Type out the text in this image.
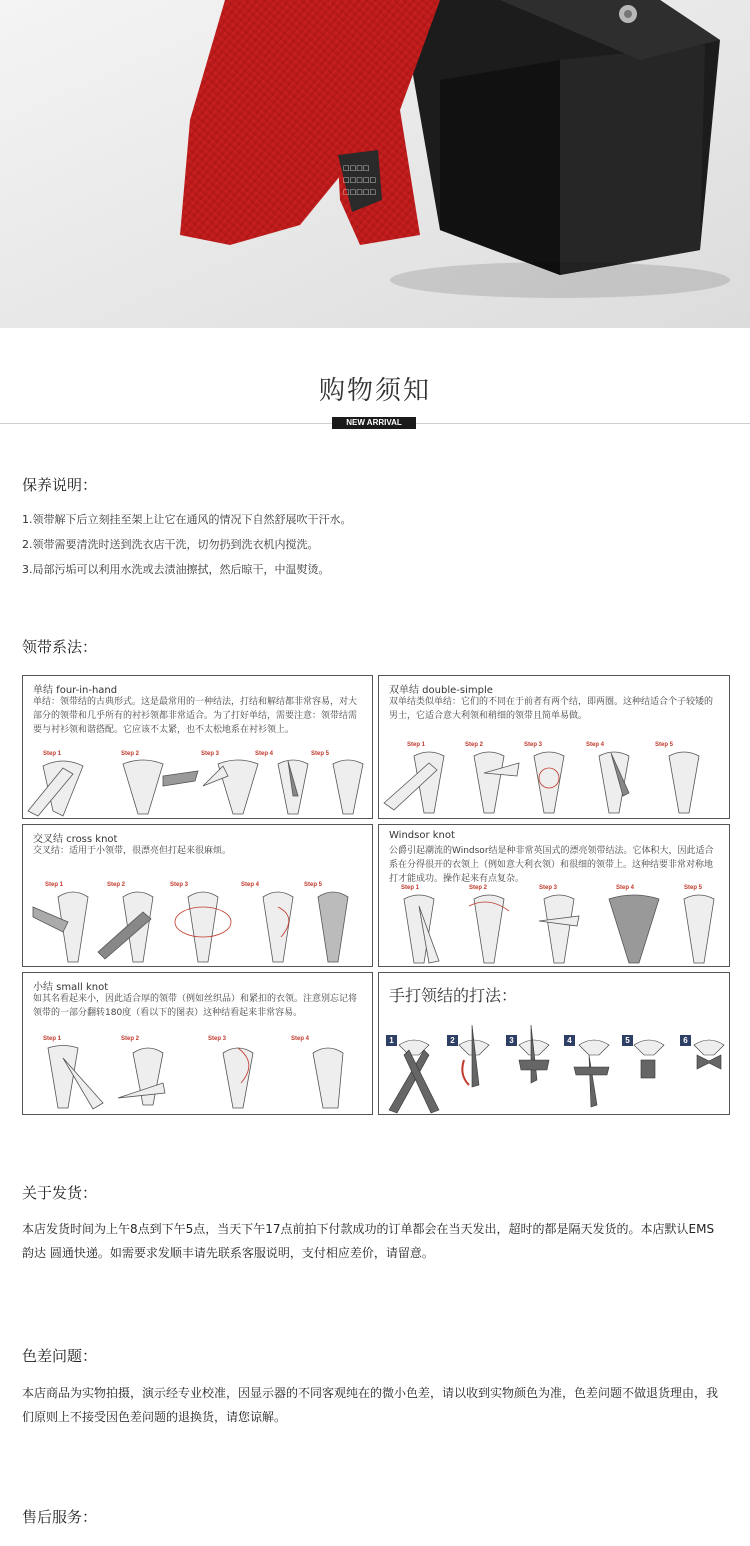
□□□□
□□□□□
□□□□□
购物须知
NEW ARRIVAL
保养说明：
1.领带解下后立刻挂至架上让它在通风的情况下自然舒展吹干汗水。
2.领带需要清洗时送到洗衣店干洗，切勿扔到洗衣机内搅洗。
3.局部污垢可以利用水洗或去渍油擦拭，然后晾干，中温熨烫。
领带系法：
单结 four-in-hand
单结：领带结的古典形式。这是最常用的一种结法，打结和解结都非常容易，对大部分的领带和几乎所有的衬衫领都非常适合。为了打好单结，需要注意：领带结需要与衬衫领和谐搭配。它应该不太紧，也不太松地系在衬衫领上。
Step 1	Step 2	Step 3	Step 4	Step 5
双单结 double-simple
双单结类似单结：它们的不同在于前者有两个结，即两圈。这种结适合个子较矮的男士，它适合意大利领和稍细的领带且简单易做。
Step 1	Step 2	Step 3	Step 4	Step 5
交叉结 cross knot
交叉结：适用于小领带，很漂亮但打起来很麻烦。
Step 1	Step 2	Step 3	Step 4	Step 5
Windsor knot
公爵引起潮流的Windsor结是种非常英国式的漂亮领带结法。它体积大，因此适合系在分得很开的衣领上（例如意大利衣领）和很细的领带上。这种结要非常对称地打才能成功。操作起来有点复杂。
Step 1	Step 2	Step 3	Step 4	Step 5
小结 small knot
如其名看起来小，因此适合厚的领带（例如丝织品）和紧扣的衣领。注意别忘记将领带的一部分翻转180度（看以下的图表）这种结看起来非常容易。
Step 1	Step 2	Step 3	Step 4
手打领结的打法：
1	2	3	4	5	6
关于发货：
本店发货时间为上午8点到下午5点，当天下午17点前拍下付款成功的订单都会在当天发出，超时的都是隔天发货的。本店默认EMS 韵达 圆通快递。如需要求发顺丰请先联系客服说明，支付相应差价，请留意。
色差问题：
本店商品为实物拍摄，演示经专业校准，因显示器的不同客观纯在的微小色差，请以收到实物颜色为准，色差问题不做退货理由，我们原则上不接受因色差问题的退换货，请您谅解。
售后服务：
